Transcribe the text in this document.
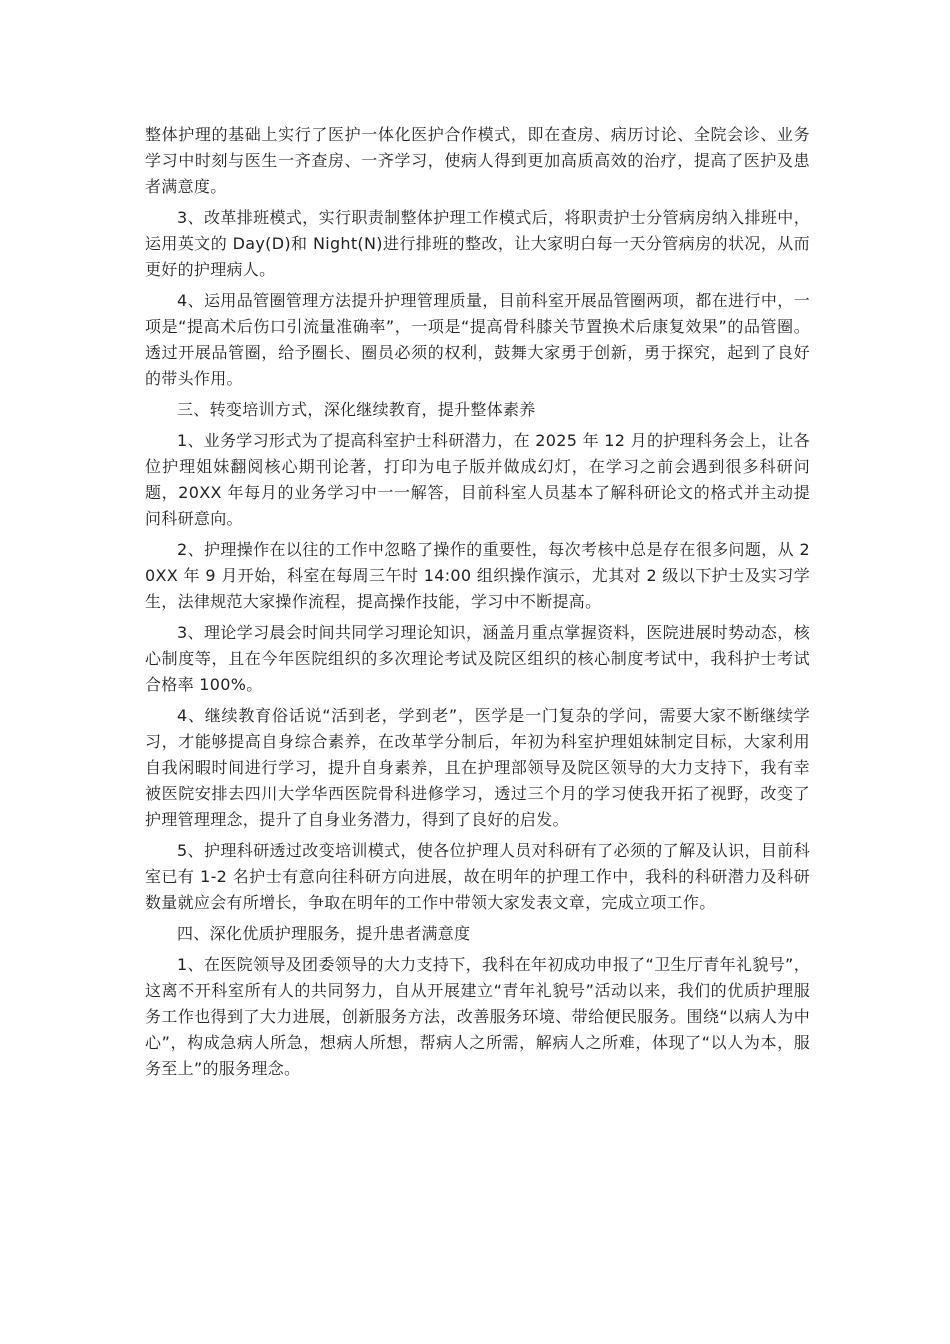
整体护理的基础上实行了医护一体化医护合作模式，即在查房、病历讨论、全院会诊、业务学习中时刻与医生一齐查房、一齐学习，使病人得到更加高质高效的治疗，提高了医护及患者满意度。

3、改革排班模式，实行职责制整体护理工作模式后，将职责护士分管病房纳入排班中，运用英文的 Day(D)和 Night(N)进行排班的整改，让大家明白每一天分管病房的状况，从而更好的护理病人。

4、运用品管圈管理方法提升护理管理质量，目前科室开展品管圈两项，都在进行中，一项是“提高术后伤口引流量准确率”，一项是“提高骨科膝关节置换术后康复效果”的品管圈。透过开展品管圈，给予圈长、圈员必须的权利，鼓舞大家勇于创新，勇于探究，起到了良好的带头作用。

三、转变培训方式，深化继续教育，提升整体素养

1、业务学习形式为了提高科室护士科研潜力，在 2025 年 12 月的护理科务会上，让各位护理姐妹翻阅核心期刊论著，打印为电子版并做成幻灯，在学习之前会遇到很多科研问题，20XX 年每月的业务学习中一一解答，目前科室人员基本了解科研论文的格式并主动提问科研意向。

2、护理操作在以往的工作中忽略了操作的重要性，每次考核中总是存在很多问题，从 20XX 年 9 月开始，科室在每周三午时 14:00 组织操作演示，尤其对 2 级以下护士及实习学生，法律规范大家操作流程，提高操作技能，学习中不断提高。

3、理论学习晨会时间共同学习理论知识，涵盖月重点掌握资料，医院进展时势动态，核心制度等，且在今年医院组织的多次理论考试及院区组织的核心制度考试中，我科护士考试合格率 100%。

4、继续教育俗话说“活到老，学到老”，医学是一门复杂的学问，需要大家不断继续学习，才能够提高自身综合素养，在改革学分制后，年初为科室护理姐妹制定目标，大家利用自我闲暇时间进行学习，提升自身素养，且在护理部领导及院区领导的大力支持下，我有幸被医院安排去四川大学华西医院骨科进修学习，透过三个月的学习使我开拓了视野，改变了护理管理理念，提升了自身业务潜力，得到了良好的启发。

5、护理科研透过改变培训模式，使各位护理人员对科研有了必须的了解及认识，目前科室已有 1-2 名护士有意向往科研方向进展，故在明年的护理工作中，我科的科研潜力及科研数量就应会有所增长，争取在明年的工作中带领大家发表文章，完成立项工作。

四、深化优质护理服务，提升患者满意度

1、在医院领导及团委领导的大力支持下，我科在年初成功申报了“卫生厅青年礼貌号”，这离不开科室所有人的共同努力，自从开展建立“青年礼貌号”活动以来，我们的优质护理服务工作也得到了大力进展，创新服务方法，改善服务环境、带给便民服务。围绕“以病人为中心”，构成急病人所急，想病人所想，帮病人之所需，解病人之所难，体现了“以人为本，服务至上”的服务理念。
